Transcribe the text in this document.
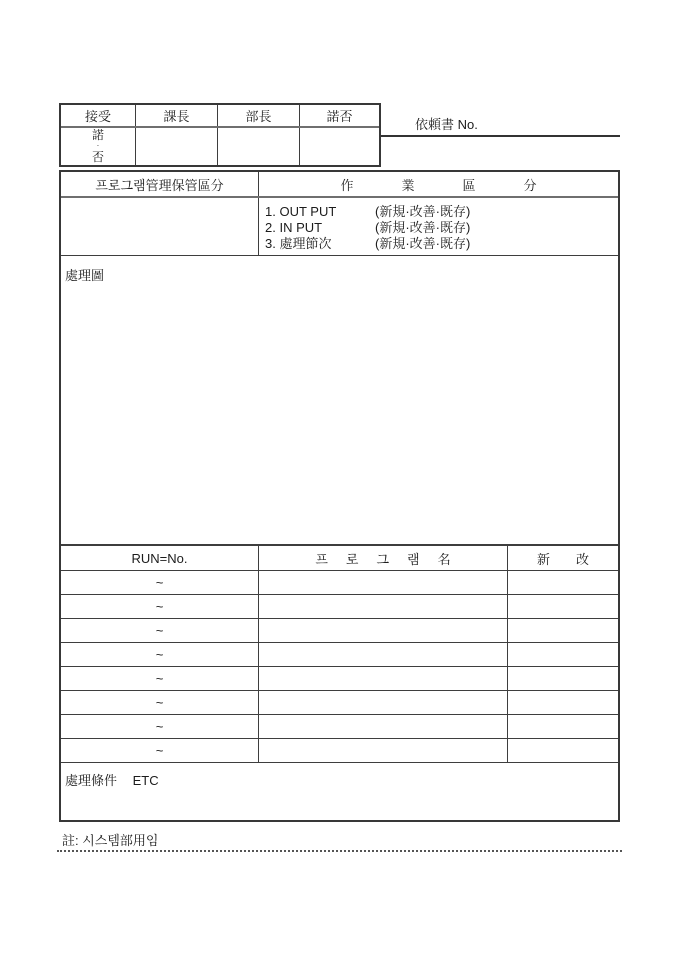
接受	課長	部長	諾否
諾
·
否
依頼書 No.
프로그램管理保管區分	作業區分
1. OUT PUT	(新規·改善·既存)
2. IN PUT	(新規·改善·既存)
3. 處理節次	(新規·改善·既存)
處理圖
RUN=No.	프로그램名	新改
~
~
~
~
~
~
~
~
處理條件 ETC
註: 시스템部用임
